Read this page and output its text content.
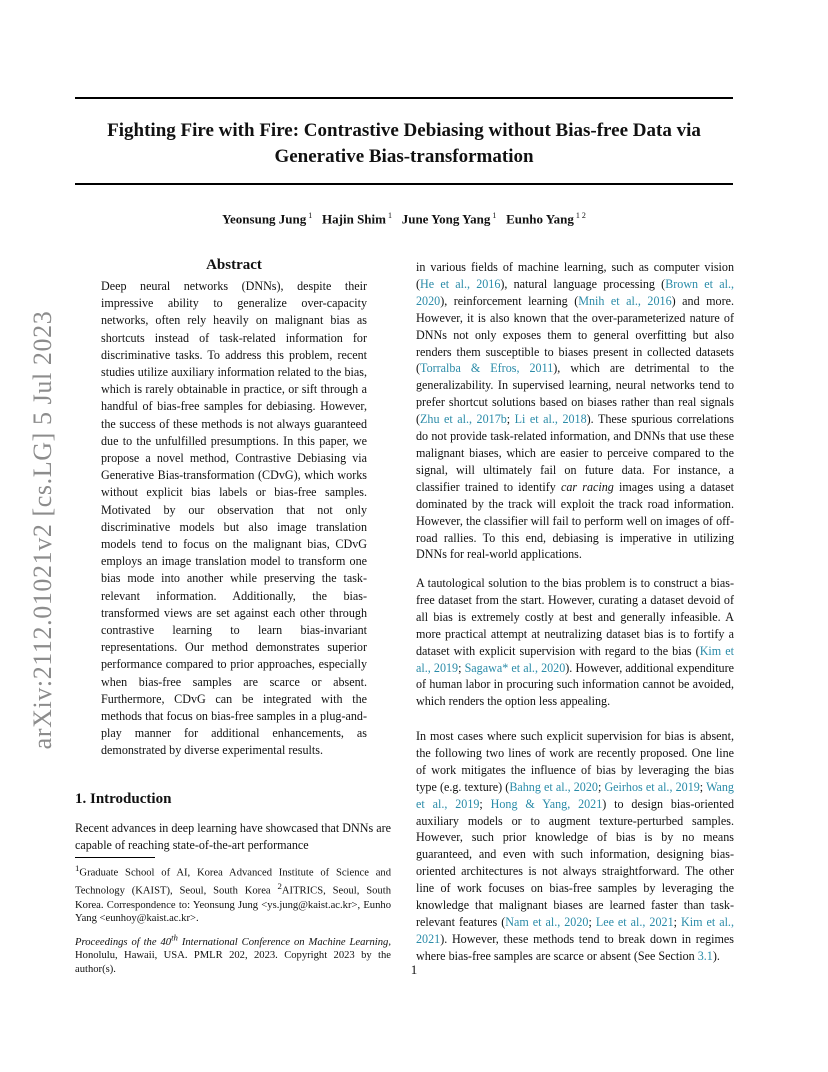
Fighting Fire with Fire: Contrastive Debiasing without Bias-free Data via Generative Bias-transformation
Yeonsung Jung $^1$ Hajin Shim $^1$ June Yong Yang $^1$ Eunho Yang $^{1 2}$
arXiv:2112.01021v2 [cs.LG] 5 Jul 2023
Abstract
Deep neural networks (DNNs), despite their impressive ability to generalize over-capacity networks, often rely heavily on malignant bias as shortcuts instead of task-related information for discriminative tasks. To address this problem, recent studies utilize auxiliary information related to the bias, which is rarely obtainable in practice, or sift through a handful of bias-free samples for debiasing. However, the success of these methods is not always guaranteed due to the unfulfilled presumptions. In this paper, we propose a novel method, Contrastive Debiasing via Generative Bias-transformation (CDvG), which works without explicit bias labels or bias-free samples. Motivated by our observation that not only discriminative models but also image translation models tend to focus on the malignant bias, CDvG employs an image translation model to transform one bias mode into another while preserving the task-relevant information. Additionally, the bias-transformed views are set against each other through contrastive learning to learn bias-invariant representations. Our method demonstrates superior performance compared to prior approaches, especially when bias-free samples are scarce or absent. Furthermore, CDvG can be integrated with the methods that focus on bias-free samples in a plug-and-play manner for additional enhancements, as demonstrated by diverse experimental results.
1. Introduction
Recent advances in deep learning have showcased that DNNs are capable of reaching state-of-the-art performance
$^1$Graduate School of AI, Korea Advanced Institute of Science and Technology (KAIST), Seoul, South Korea $^2$AITRICS, Seoul, South Korea. Correspondence to: Yeonsung Jung <ys.jung@kaist.ac.kr>, Eunho Yang <eunhoy@kaist.ac.kr>.
Proceedings of the 40th International Conference on Machine Learning, Honolulu, Hawaii, USA. PMLR 202, 2023. Copyright 2023 by the author(s).
in various fields of machine learning, such as computer vision (He et al., 2016), natural language processing (Brown et al., 2020), reinforcement learning (Mnih et al., 2016) and more. However, it is also known that the over-parameterized nature of DNNs not only exposes them to general overfitting but also renders them susceptible to biases present in collected datasets (Torralba & Efros, 2011), which are detrimental to the generalizability. In supervised learning, neural networks tend to prefer shortcut solutions based on biases rather than real signals (Zhu et al., 2017b; Li et al., 2018). These spurious correlations do not provide task-related information, and DNNs that use these malignant biases, which are easier to perceive compared to the signal, will ultimately fail on future data. For instance, a classifier trained to identify car racing images using a dataset dominated by the track will exploit the track road information. However, the classifier will fail to perform well on images of off-road rallies. To this end, debiasing is imperative in utilizing DNNs for real-world applications.
A tautological solution to the bias problem is to construct a bias-free dataset from the start. However, curating a dataset devoid of all bias is extremely costly at best and generally infeasible. A more practical attempt at neutralizing dataset bias is to fortify a dataset with explicit supervision with regard to the bias (Kim et al., 2019; Sagawa* et al., 2020). However, additional expenditure of human labor in procuring such information cannot be avoided, which renders the option less appealing.
In most cases where such explicit supervision for bias is absent, the following two lines of work are recently proposed. One line of work mitigates the influence of bias by leveraging the bias type (e.g. texture) (Bahng et al., 2020; Geirhos et al., 2019; Wang et al., 2019; Hong & Yang, 2021) to design bias-oriented auxiliary models or to augment texture-perturbed samples. However, such prior knowledge of bias is by no means guaranteed, and even with such information, designing bias-oriented architectures is not always straightforward. The other line of work focuses on bias-free samples by leveraging the knowledge that malignant biases are learned faster than task-relevant features (Nam et al., 2020; Lee et al., 2021; Kim et al., 2021). However, these methods tend to break down in regimes where bias-free samples are scarce or absent (See Section 3.1).
1
